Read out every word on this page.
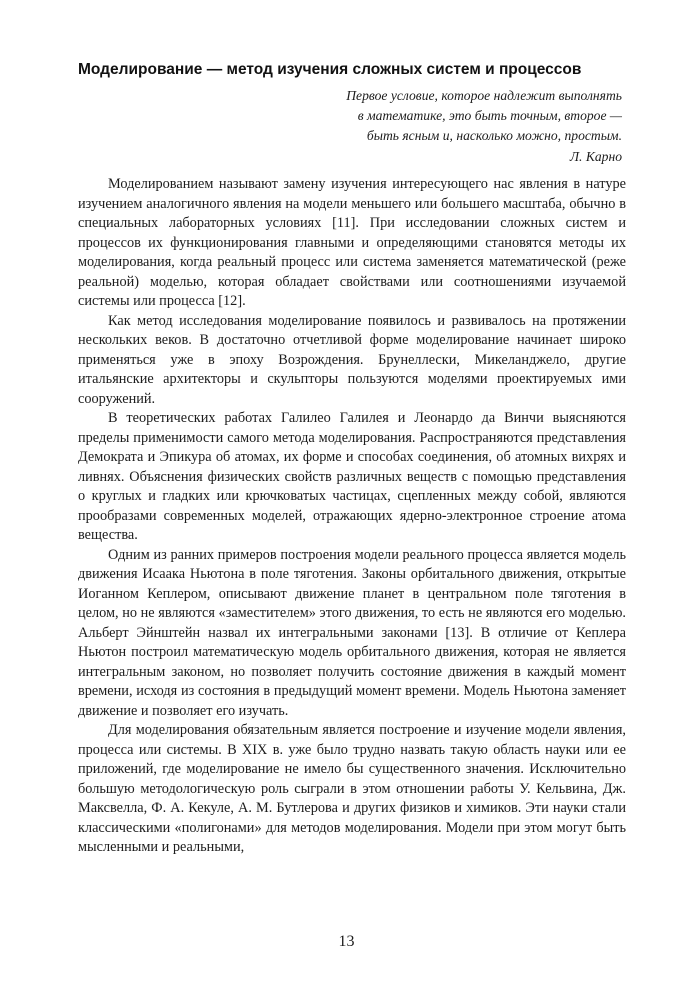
Моделирование — метод изучения сложных систем и процессов
Первое условие, которое надлежит выполнять
в математике, это быть точным, второе —
быть ясным и, насколько можно, простым.
Л. Карно

Моделированием называют замену изучения интересующего нас явления в натуре изучением аналогичного явления на модели меньшего или большего масштаба, обычно в специальных лабораторных условиях [11]. При исследовании сложных систем и процессов их функционирования главными и определяющими становятся методы их моделирования, когда реальный процесс или система заменяется математической (реже реальной) моделью, которая обладает свойствами или соотношениями изучаемой системы или процесса [12].

Как метод исследования моделирование появилось и развивалось на протяжении нескольких веков. В достаточно отчетливой форме моделирование начинает широко применяться уже в эпоху Возрождения. Брунеллески, Микеланджело, другие итальянские архитекторы и скульпторы пользуются моделями проектируемых ими сооружений.

В теоретических работах Галилео Галилея и Леонардо да Винчи выясняются пределы применимости самого метода моделирования. Распространяются представления Демократа и Эпикура об атомах, их форме и способах соединения, об атомных вихрях и ливнях. Объяснения физических свойств различных веществ с помощью представления о круглых и гладких или крючковатых частицах, сцепленных между собой, являются прообразами современных моделей, отражающих ядерно-электронное строение атома вещества.

Одним из ранних примеров построения модели реального процесса является модель движения Исаака Ньютона в поле тяготения. Законы орбитального движения, открытые Иоганном Кеплером, описывают движение планет в центральном поле тяготения в целом, но не являются «заместителем» этого движения, то есть не являются его моделью. Альберт Эйнштейн назвал их интегральными законами [13]. В отличие от Кеплера Ньютон построил математическую модель орбитального движения, которая не является интегральным законом, но позволяет получить состояние движения в каждый момент времени, исходя из состояния в предыдущий момент времени. Модель Ньютона заменяет движение и позволяет его изучать.

Для моделирования обязательным является построение и изучение модели явления, процесса или системы. В XIX в. уже было трудно назвать такую область науки или ее приложений, где моделирование не имело бы существенного значения. Исключительно большую методологическую роль сыграли в этом отношении работы У. Кельвина, Дж. Максвелла, Ф. А. Кекуле, А. М. Бутлерова и других физиков и химиков. Эти науки стали классическими «полигонами» для методов моделирования. Модели при этом могут быть мысленными и реальными,

13
